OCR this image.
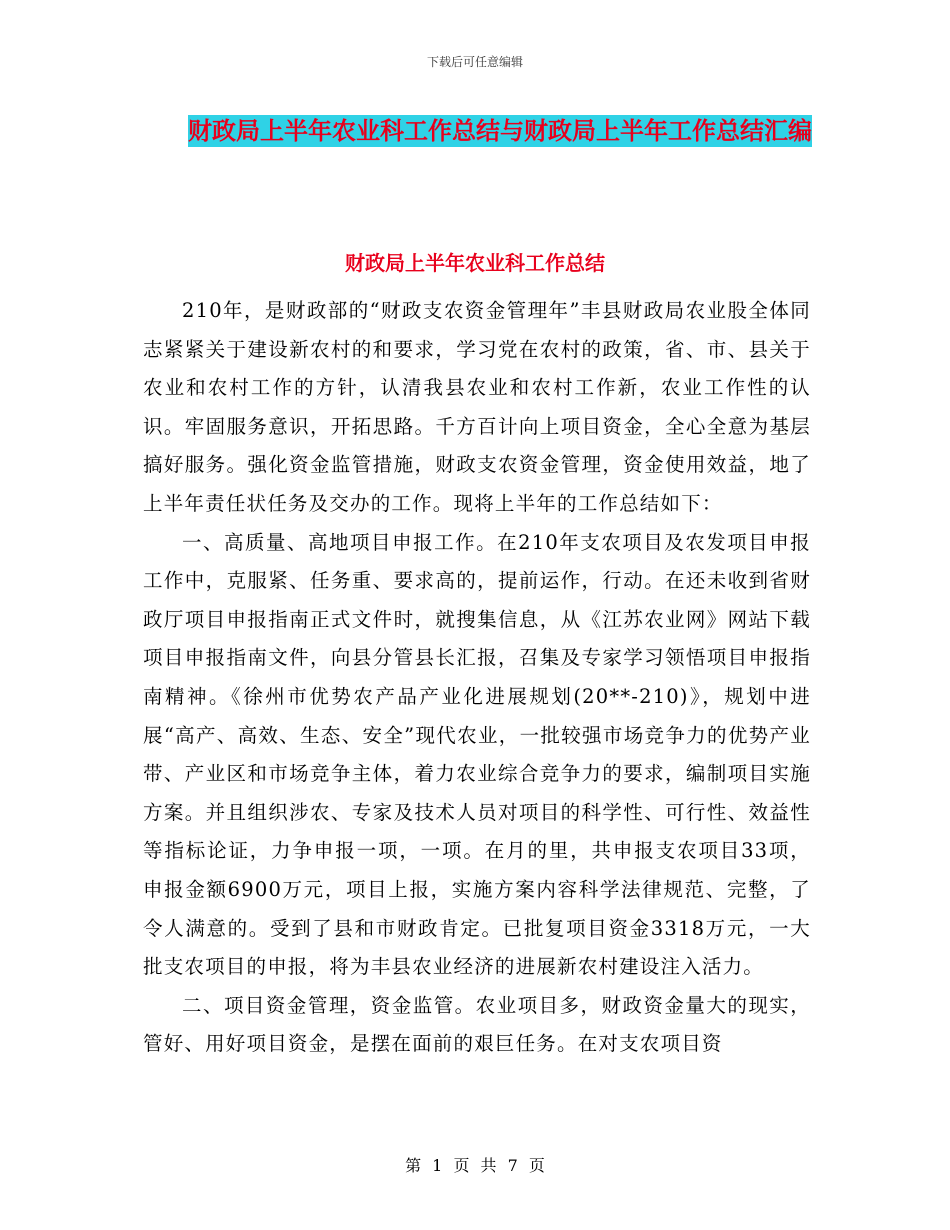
下载后可任意编辑
财政局上半年农业科工作总结与财政局上半年工作总结汇编
财政局上半年农业科工作总结

210年，是财政部的“财政支农资金管理年”丰县财政局农业股全体同志紧紧关于建设新农村的和要求，学习党在农村的政策，省、市、县关于农业和农村工作的方针，认清我县农业和农村工作新，农业工作性的认识。牢固服务意识，开拓思路。千方百计向上项目资金，全心全意为基层搞好服务。强化资金监管措施，财政支农资金管理，资金使用效益，地了上半年责任状任务及交办的工作。现将上半年的工作总结如下：

一、高质量、高地项目申报工作。在210年支农项目及农发项目申报工作中，克服紧、任务重、要求高的，提前运作，行动。在还未收到省财政厅项目申报指南正式文件时，就搜集信息，从《江苏农业网》网站下载项目申报指南文件，向县分管县长汇报，召集及专家学习领悟项目申报指南精神。《徐州市优势农产品产业化进展规划(20**-210)》，规划中进展“高产、高效、生态、安全”现代农业，一批较强市场竞争力的优势产业带、产业区和市场竞争主体，着力农业综合竞争力的要求，编制项目实施方案。并且组织涉农、专家及技术人员对项目的科学性、可行性、效益性等指标论证，力争申报一项，一项。在月的里，共申报支农项目33项，申报金额6900万元，项目上报，实施方案内容科学法律规范、完整，了令人满意的。受到了县和市财政肯定。已批复项目资金3318万元，一大批支农项目的申报，将为丰县农业经济的进展新农村建设注入活力。

二、项目资金管理，资金监管。农业项目多，财政资金量大的现实，管好、用好项目资金，是摆在面前的艰巨任务。在对支农项目资

第 1 页 共 7 页
